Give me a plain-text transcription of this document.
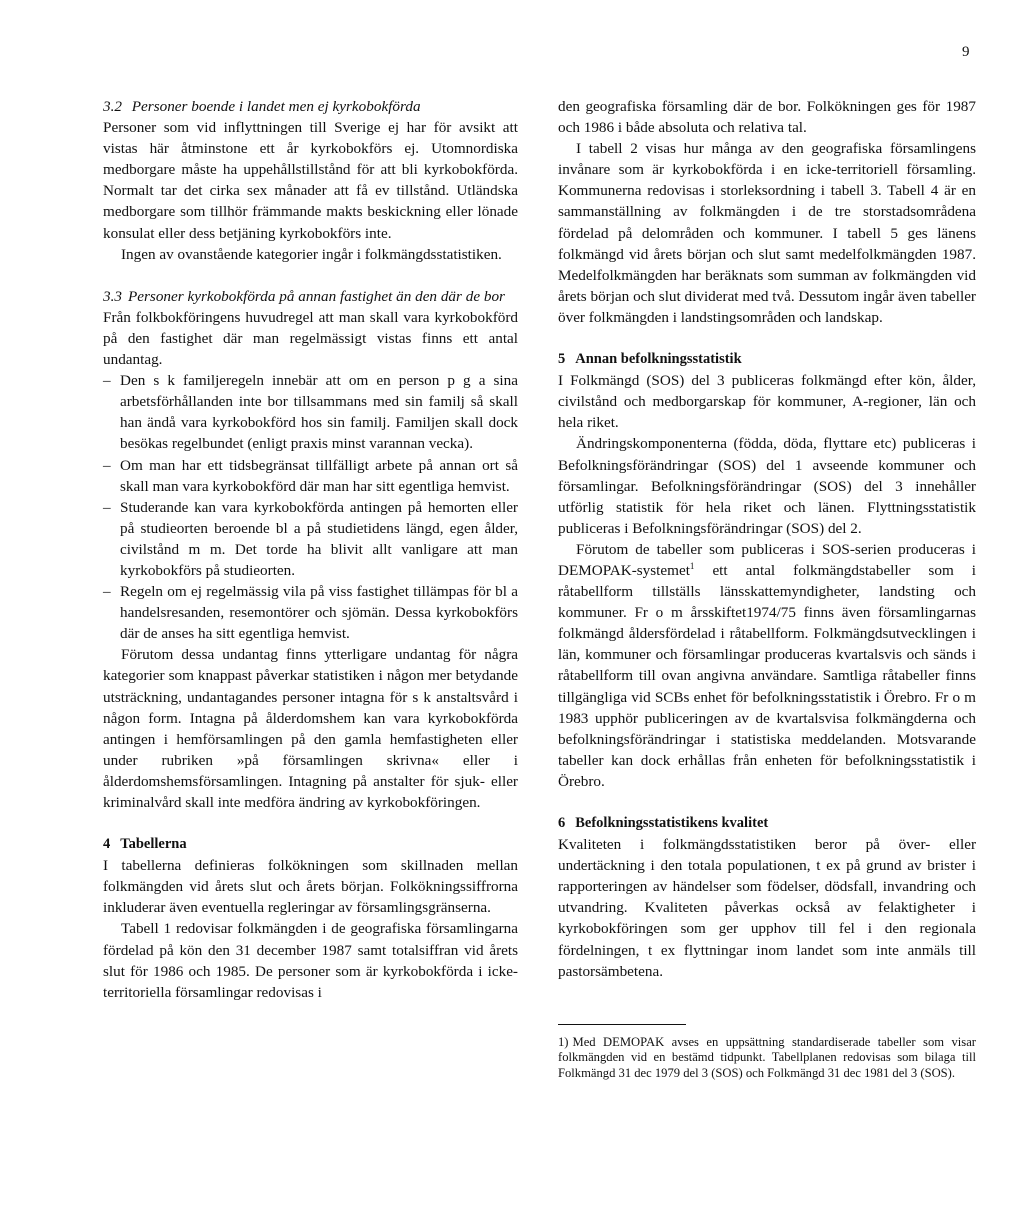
9
3.2 Personer boende i landet men ej kyrkobokförda

Personer som vid inflyttningen till Sverige ej har för avsikt att vistas här åtminstone ett år kyrkobokförs ej. Utomnordiska medborgare måste ha uppehållstillstånd för att bli kyrkobokförda. Normalt tar det cirka sex månader att få ev tillstånd. Utländska medborgare som tillhör främmande makts beskickning eller lönade konsulat eller dess betjäning kyrkobokförs inte.

Ingen av ovanstående kategorier ingår i folkmängdsstatistiken.

3.3 Personer kyrkobokförda på annan fastighet än den där de bor

Från folkbokföringens huvudregel att man skall vara kyrkobokförd på den fastighet där man regelmässigt vistas finns ett antal undantag.

– Den s k familjeregeln innebär att om en person p g a sina arbetsförhållanden inte bor tillsammans med sin familj så skall han ändå vara kyrkobokförd hos sin familj. Familjen skall dock besökas regelbundet (enligt praxis minst varannan vecka).
– Om man har ett tidsbegränsat tillfälligt arbete på annan ort så skall man vara kyrkobokförd där man har sitt egentliga hemvist.
– Studerande kan vara kyrkobokförda antingen på hemorten eller på studieorten beroende bl a på studietidens längd, egen ålder, civilstånd m m. Det torde ha blivit allt vanligare att man kyrkobokförs på studieorten.
– Regeln om ej regelmässig vila på viss fastighet tillämpas för bl a handelsresanden, resemontörer och sjömän. Dessa kyrkobokförs där de anses ha sitt egentliga hemvist.

Förutom dessa undantag finns ytterligare undantag för några kategorier som knappast påverkar statistiken i någon mer betydande utsträckning, undantagandes personer intagna för s k anstaltsvård i någon form. Intagna på ålderdomshem kan vara kyrkobokförda antingen i hemförsamlingen på den gamla hemfastigheten eller under rubriken »på församlingen skrivna« eller i ålderdomshemsförsamlingen. Intagning på anstalter för sjuk- eller kriminalvård skall inte medföra ändring av kyrkobokföringen.

4 Tabellerna

I tabellerna definieras folkökningen som skillnaden mellan folkmängden vid årets slut och årets början. Folkökningssiffrorna inkluderar även eventuella regleringar av församlingsgränserna.

Tabell 1 redovisar folkmängden i de geografiska församlingarna fördelad på kön den 31 december 1987 samt totalsiffran vid årets slut för 1986 och 1985. De personer som är kyrkobokförda i icke-territoriella församlingar redovisas i

den geografiska församling där de bor. Folkökningen ges för 1987 och 1986 i både absoluta och relativa tal.

I tabell 2 visas hur många av den geografiska församlingens invånare som är kyrkobokförda i en icke-territoriell församling. Kommunerna redovisas i storleksordning i tabell 3. Tabell 4 är en sammanställning av folkmängden i de tre storstadsområdena fördelad på delområden och kommuner. I tabell 5 ges länens folkmängd vid årets början och slut samt medelfolkmängden 1987. Medelfolkmängden har beräknats som summan av folkmängden vid årets början och slut dividerat med två. Dessutom ingår även tabeller över folkmängden i landstingsområden och landskap.

5 Annan befolkningsstatistik

I Folkmängd (SOS) del 3 publiceras folkmängd efter kön, ålder, civilstånd och medborgarskap för kommuner, A-regioner, län och hela riket.

Ändringskomponenterna (födda, döda, flyttare etc) publiceras i Befolkningsförändringar (SOS) del 1 avseende kommuner och församlingar. Befolkningsförändringar (SOS) del 3 innehåller utförlig statistik för hela riket och länen. Flyttningsstatistik publiceras i Befolkningsförändringar (SOS) del 2.

Förutom de tabeller som publiceras i SOS-serien produceras i DEMOPAK-systemet$^1$ ett antal folkmängdstabeller som i råtabellform tillställs länsskattemyndigheter, landsting och kommuner. Fr o m årsskiftet1974/75 finns även församlingarnas folkmängd åldersfördelad i råtabellform. Folkmängdsutvecklingen i län, kommuner och församlingar produceras kvartalsvis och sänds i råtabellform till ovan angivna användare. Samtliga råtabeller finns tillgängliga vid SCBs enhet för befolkningsstatistik i Örebro. Fr o m 1983 upphör publiceringen av de kvartalsvisa folkmängderna och befolkningsförändringar i statistiska meddelanden. Motsvarande tabeller kan dock erhållas från enheten för befolkningsstatistik i Örebro.

6 Befolkningsstatistikens kvalitet

Kvaliteten i folkmängdsstatistiken beror på över- eller undertäckning i den totala populationen, t ex på grund av brister i rapporteringen av händelser som födelser, dödsfall, invandring och utvandring. Kvaliteten påverkas också av felaktigheter i kyrkobokföringen som ger upphov till fel i den regionala fördelningen, t ex flyttningar inom landet som inte anmäls till pastorsämbetena.

1) Med DEMOPAK avses en uppsättning standardiserade tabeller som visar folkmängden vid en bestämd tidpunkt. Tabellplanen redovisas som bilaga till Folkmängd 31 dec 1979 del 3 (SOS) och Folkmängd 31 dec 1981 del 3 (SOS).
